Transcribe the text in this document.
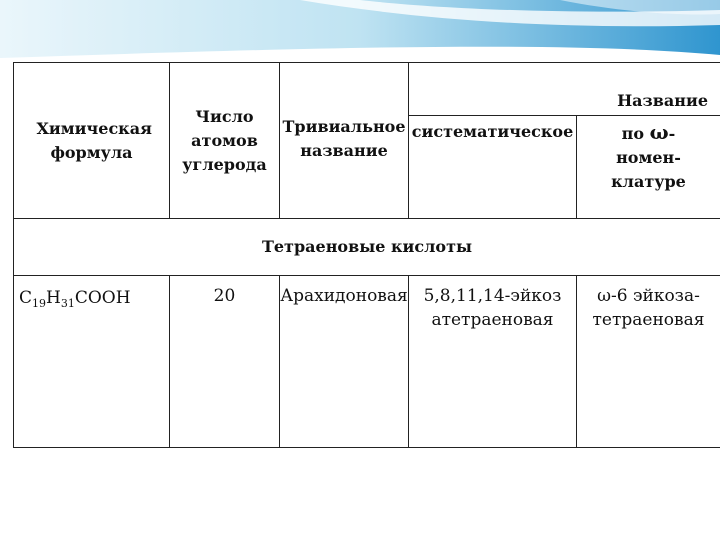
Химическая формула	Число атомов углерода	Тривиальное название	Название	
			систематическое	по ω-номен-клатуре

Тетраеновые кислоты				
$C_{19}H_{31}COOH$	20	Арахидоновая	5,8,11,14-эйкозатетраеновая	ω-6 эйкоза-тетраеновая
